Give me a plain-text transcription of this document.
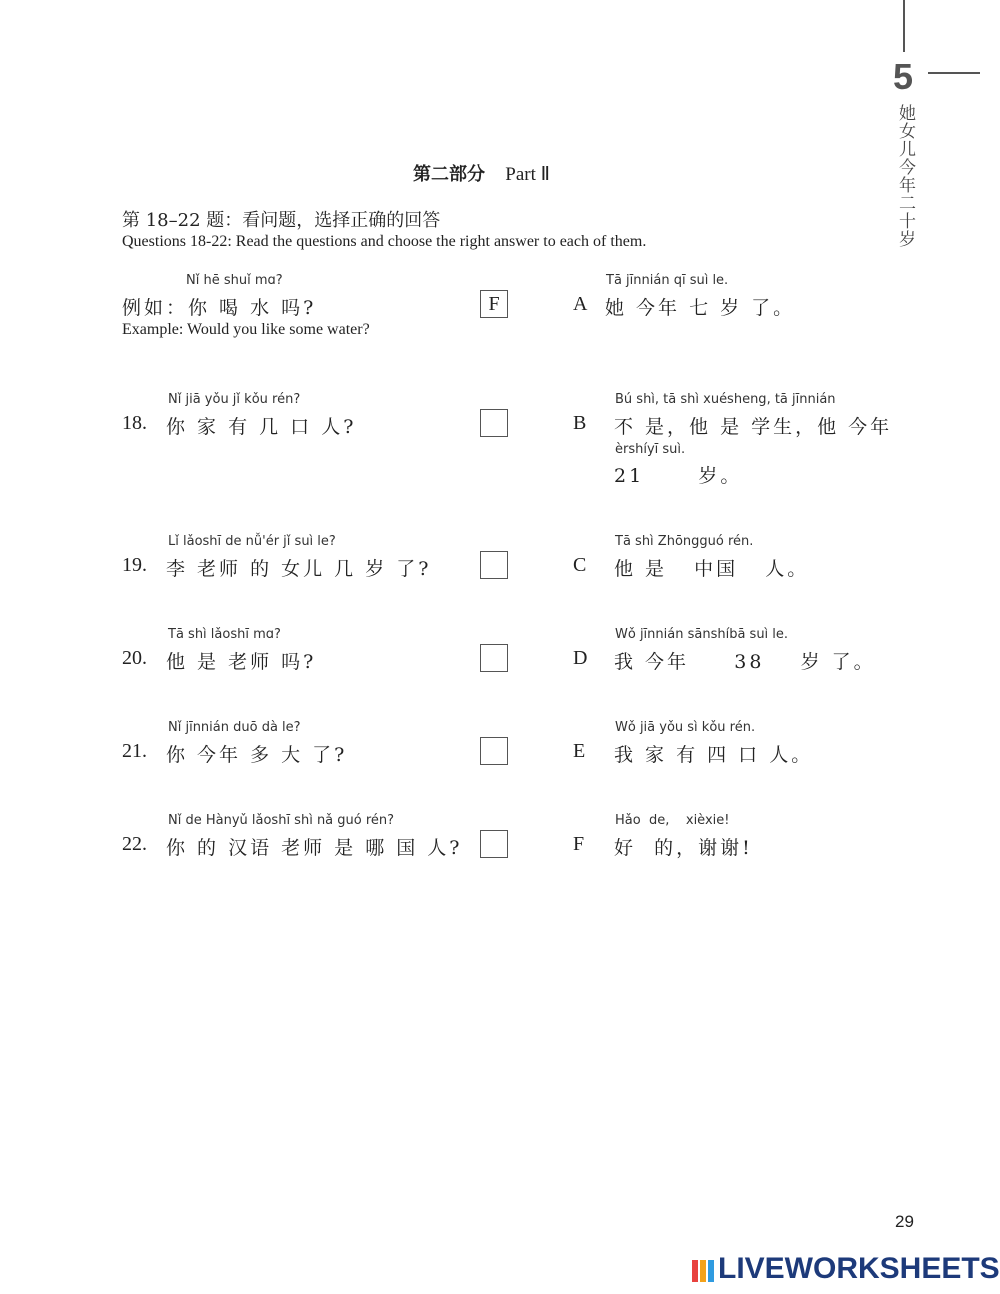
5
她女儿今年二十岁
第二部分 Part Ⅱ
第 18–22 题：看问题，选择正确的回答
Questions 18-22: Read the questions and choose the right answer to each of them.
Nǐ hē shuǐ mɑ?
例如：你 喝 水 吗?	F
Example: Would you like some water?
Nǐ jiā yǒu jǐ kǒu rén?
18. 你 家 有 几 口 人?
Lǐ lǎoshī de nǚ'ér jǐ suì le?
19. 李 老师 的 女儿 几 岁 了?
Tā shì lǎoshī mɑ?
20. 他 是 老师 吗?
Nǐ jīnnián duō dà le?
21. 你 今年 多 大 了?
Nǐ de Hànyǔ lǎoshī shì nǎ guó rén?
22. 你 的 汉语 老师 是 哪 国 人?
Tā jīnnián qī suì le.
A 她 今年 七 岁 了。
Bú shì, tā shì xuésheng, tā jīnnián
B 不 是，他 是 学生，他 今年
èrshíyī suì.
21      岁。
Tā shì Zhōngguó rén.
C 他 是   中国   人。
Wǒ jīnnián sānshíbā suì le.
D 我 今年     38    岁 了。
Wǒ jiā yǒu sì kǒu rén.
E 我 家 有 四 口 人。
Hǎo  de,    xièxie!
F 好  的，谢谢!
29
LIVEWORKSHEETS
